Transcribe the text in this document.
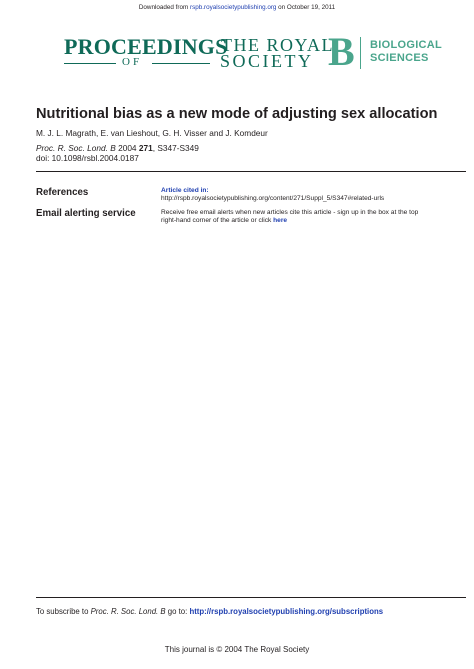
Downloaded from rspb.royalsocietypublishing.org on October 19, 2011
PROCEEDINGS
OF
THE ROYAL
SOCIETY B BIOLOGICAL
SCIENCES
Nutritional bias as a new mode of adjusting sex allocation
M. J. L. Magrath, E. van Lieshout, G. H. Visser and J. Komdeur
Proc. R. Soc. Lond. B 2004 271, S347-S349
doi: 10.1098/rsbl.2004.0187
References	Article cited in:
http://rspb.royalsocietypublishing.org/content/271/Suppl_5/S347#related-urls
Email alerting service	Receive free email alerts when new articles cite this article - sign up in the box at the top
right-hand corner of the article or click here
To subscribe to Proc. R. Soc. Lond. B go to: http://rspb.royalsocietypublishing.org/subscriptions
This journal is © 2004 The Royal Society
